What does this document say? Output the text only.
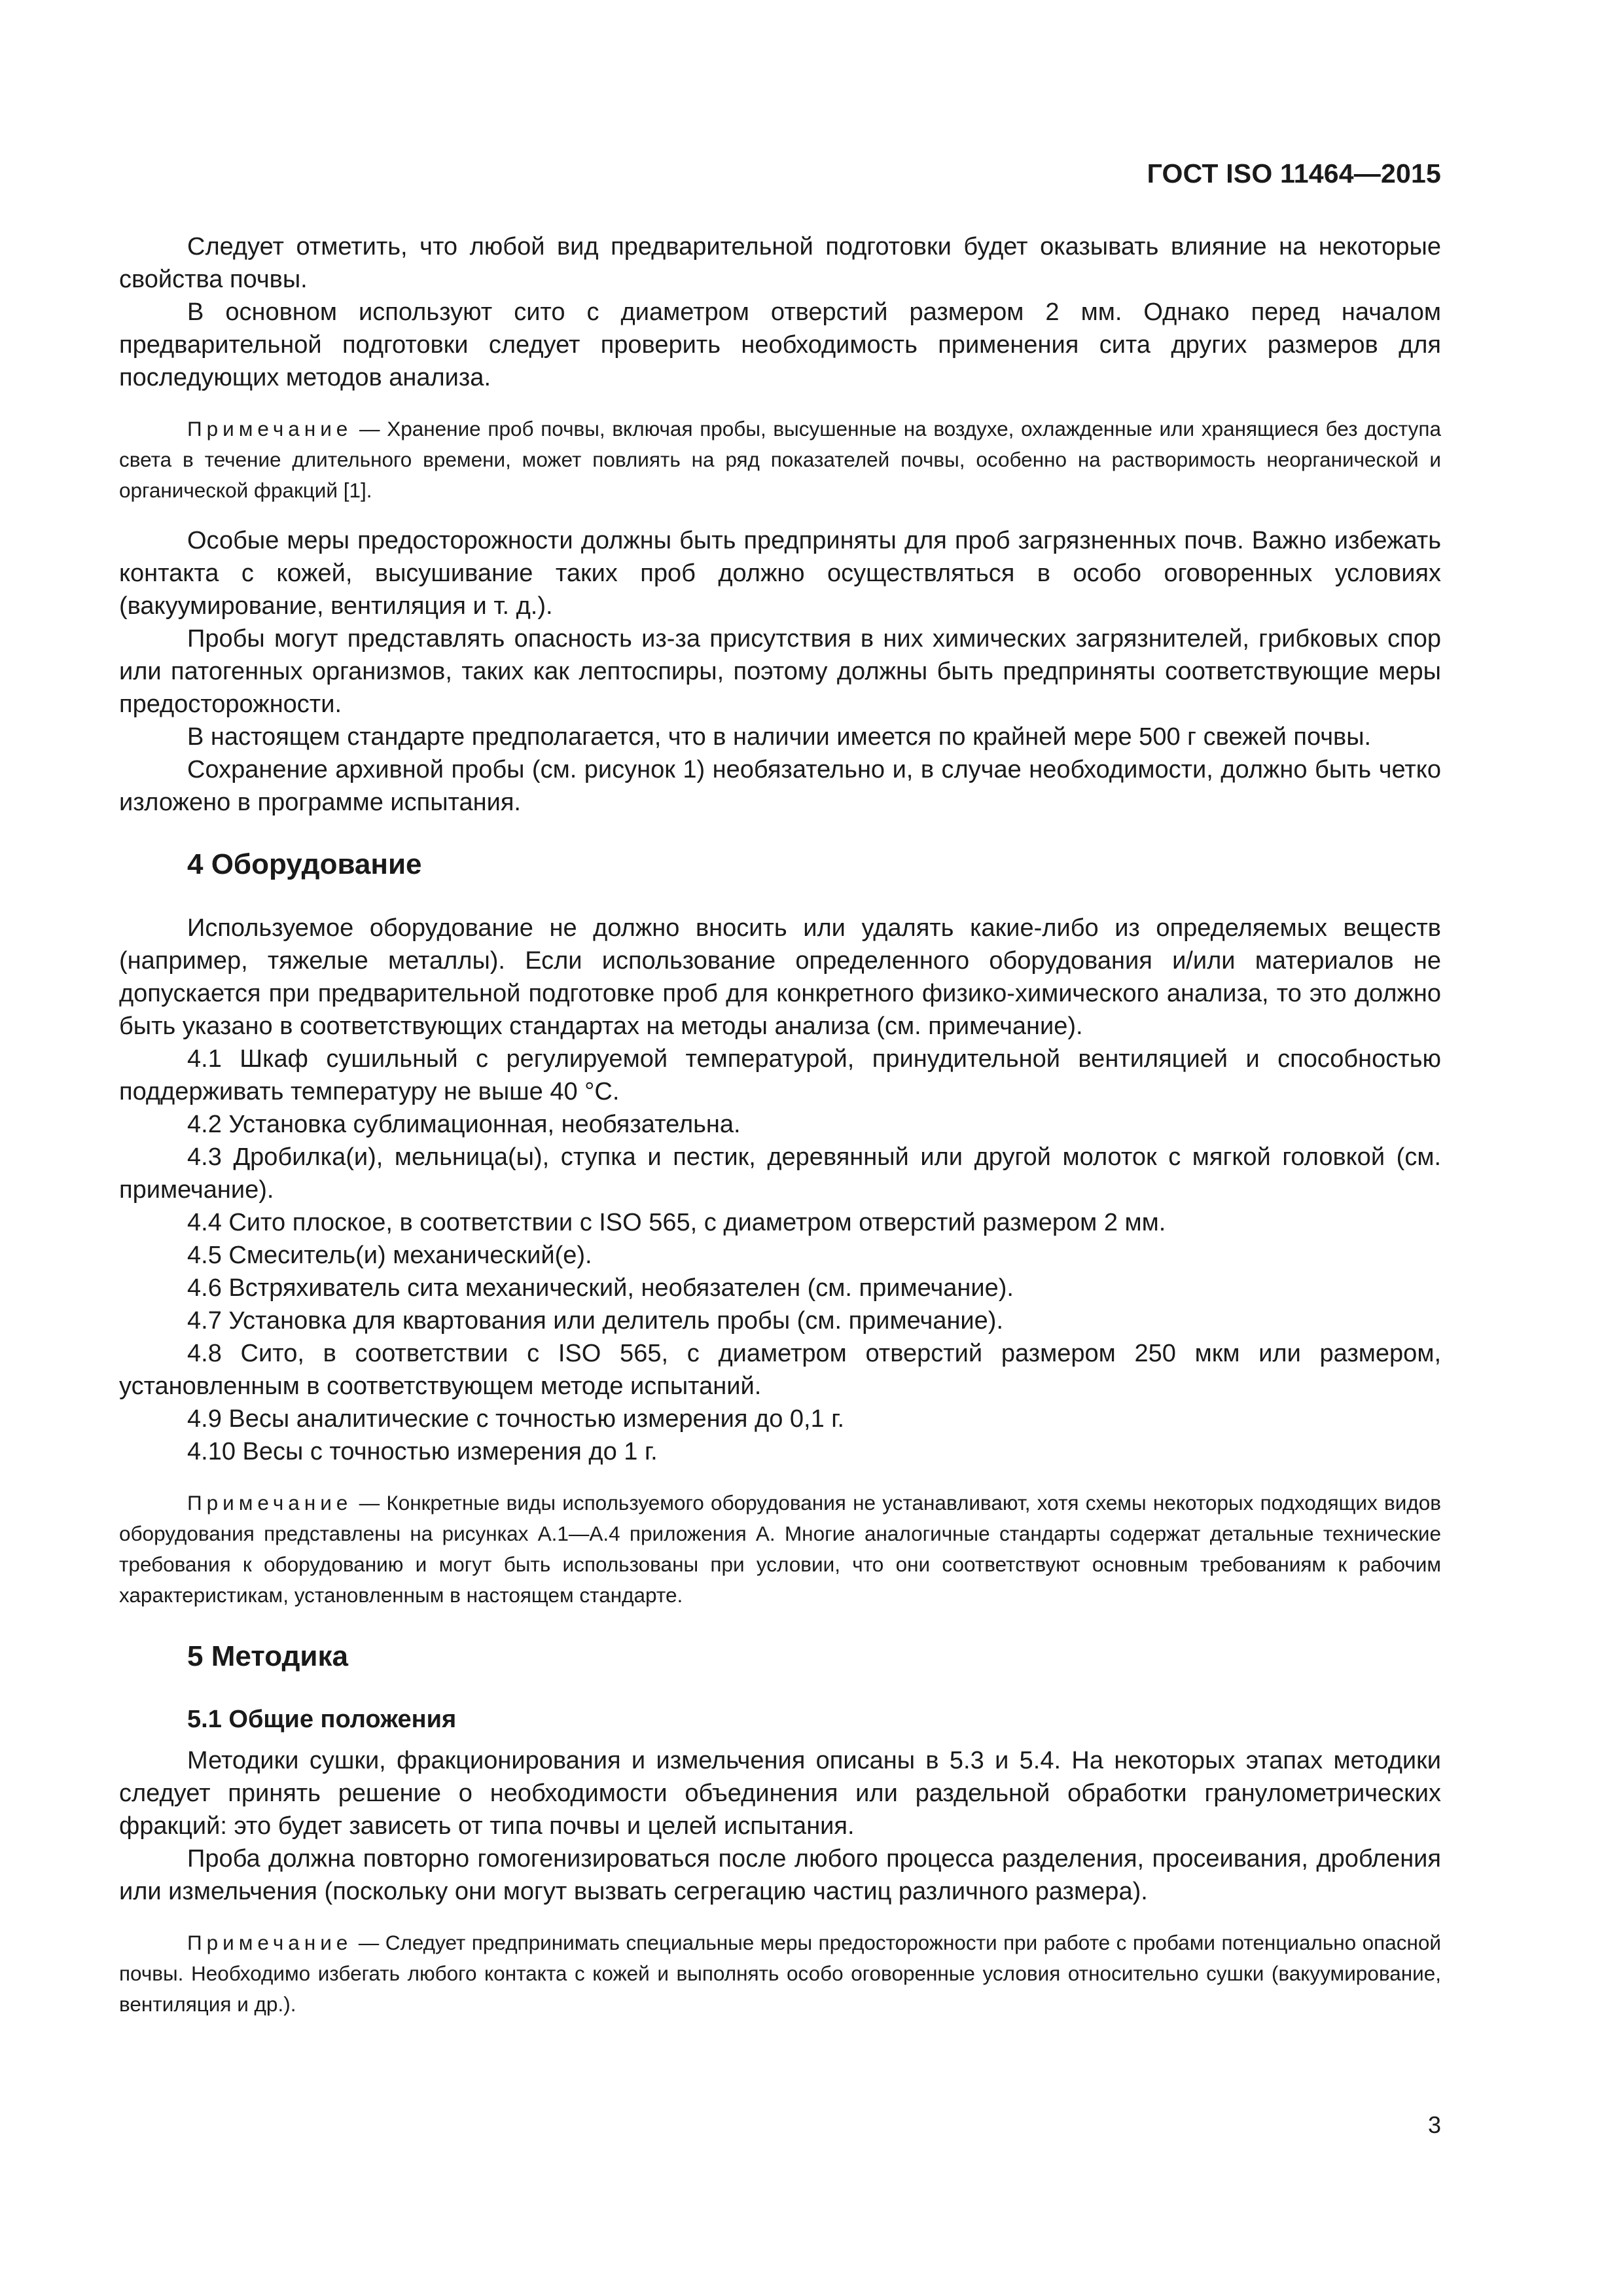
ГОСТ ISO 11464—2015

Следует отметить, что любой вид предварительной подготовки будет оказывать влияние на некоторые свойства почвы.

В основном используют сито с диаметром отверстий размером 2 мм. Однако перед началом предварительной подготовки следует проверить необходимость применения сита других размеров для последующих методов анализа.

Примечание — Хранение проб почвы, включая пробы, высушенные на воздухе, охлажденные или хранящиеся без доступа света в течение длительного времени, может повлиять на ряд показателей почвы, особенно на растворимость неорганической и органической фракций [1].

Особые меры предосторожности должны быть предприняты для проб загрязненных почв. Важно избежать контакта с кожей, высушивание таких проб должно осуществляться в особо оговоренных условиях (вакуумирование, вентиляция и т. д.).

Пробы могут представлять опасность из-за присутствия в них химических загрязнителей, грибковых спор или патогенных организмов, таких как лептоспиры, поэтому должны быть предприняты соответствующие меры предосторожности.

В настоящем стандарте предполагается, что в наличии имеется по крайней мере 500 г свежей почвы.

Сохранение архивной пробы (см. рисунок 1) необязательно и, в случае необходимости, должно быть четко изложено в программе испытания.

4 Оборудование

Используемое оборудование не должно вносить или удалять какие-либо из определяемых веществ (например, тяжелые металлы). Если использование определенного оборудования и/или материалов не допускается при предварительной подготовке проб для конкретного физико-химического анализа, то это должно быть указано в соответствующих стандартах на методы анализа (см. примечание).

4.1 Шкаф сушильный с регулируемой температурой, принудительной вентиляцией и способностью поддерживать температуру не выше 40 °С.

4.2 Установка сублимационная, необязательна.

4.3 Дробилка(и), мельница(ы), ступка и пестик, деревянный или другой молоток с мягкой головкой (см. примечание).

4.4 Сито плоское, в соответствии с ISO 565, с диаметром отверстий размером 2 мм.

4.5 Смеситель(и) механический(е).

4.6 Встряхиватель сита механический, необязателен (см. примечание).

4.7 Установка для квартования или делитель пробы (см. примечание).

4.8 Сито, в соответствии с ISO 565, с диаметром отверстий размером 250 мкм или размером, установленным в соответствующем методе испытаний.

4.9 Весы аналитические с точностью измерения до 0,1 г.

4.10 Весы с точностью измерения до 1 г.

Примечание — Конкретные виды используемого оборудования не устанавливают, хотя схемы некоторых подходящих видов оборудования представлены на рисунках А.1—А.4 приложения А. Многие аналогичные стандарты содержат детальные технические требования к оборудованию и могут быть использованы при условии, что они соответствуют основным требованиям к рабочим характеристикам, установленным в настоящем стандарте.
5 Методика
5.1 Общие положения

Методики сушки, фракционирования и измельчения описаны в 5.3 и 5.4. На некоторых этапах методики следует принять решение о необходимости объединения или раздельной обработки гранулометрических фракций: это будет зависеть от типа почвы и целей испытания.

Проба должна повторно гомогенизироваться после любого процесса разделения, просеивания, дробления или измельчения (поскольку они могут вызвать сегрегацию частиц различного размера).

Примечание — Следует предпринимать специальные меры предосторожности при работе с пробами потенциально опасной почвы. Необходимо избегать любого контакта с кожей и выполнять особо оговоренные условия относительно сушки (вакуумирование, вентиляция и др.).
3
